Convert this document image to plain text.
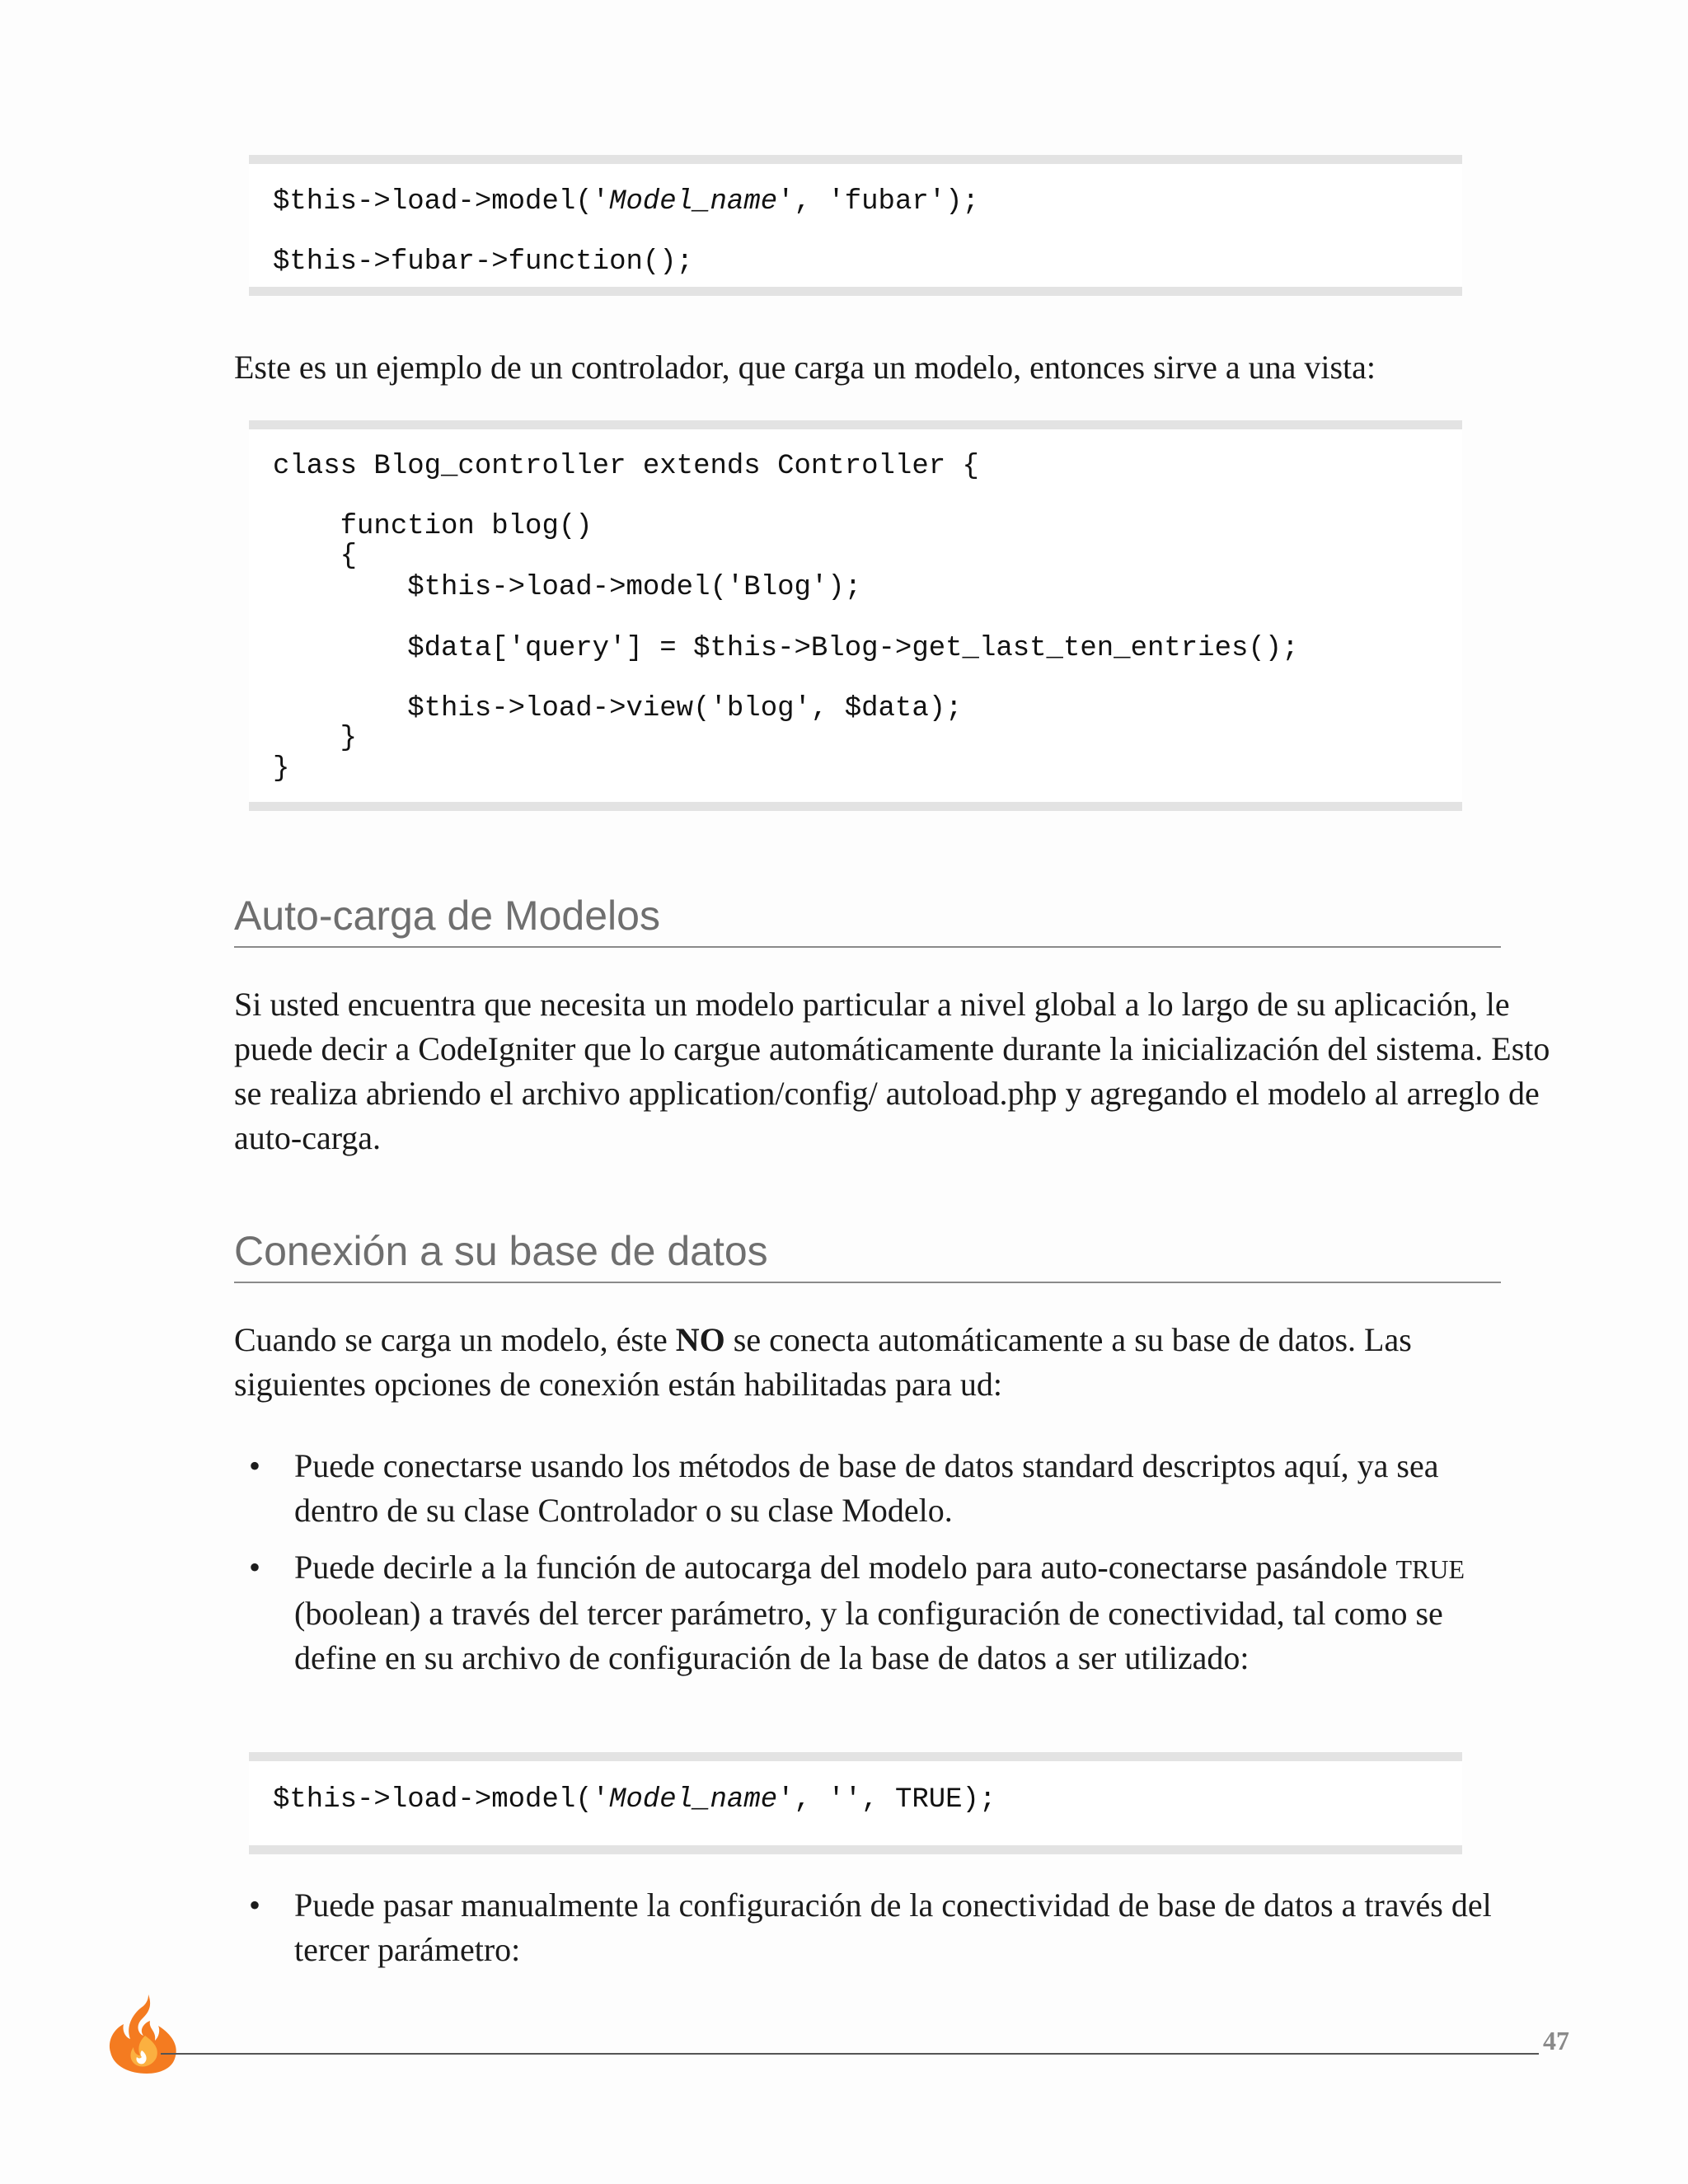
$this->load->model('Model_name', 'fubar');

$this->fubar->function();

Este es un ejemplo de un controlador, que carga un modelo, entonces sirve a una vista:

class Blog_controller extends Controller {

function blog()

{

$this->load->model('Blog');

$data['query'] = $this->Blog->get_last_ten_entries();

$this->load->view('blog', $data);

}

}

Auto-carga de Modelos

Si usted encuentra que necesita un modelo particular a nivel global a lo largo de su aplicación, le puede decir a CodeIgniter que lo cargue automáticamente durante la inicialización del sistema. Esto se realiza abriendo el archivo application/config/ autoload.php y agregando el modelo al arreglo de auto-carga.

Conexión a su base de datos

Cuando se carga un modelo, éste NO se conecta automáticamente a su base de datos. Las siguientes opciones de conexión están habilitadas para ud:

•	Puede conectarse usando los métodos de base de datos standard descriptos aquí, ya sea dentro de su clase Controlador o su clase Modelo.

•	Puede decirle a la función de autocarga del modelo para auto-conectarse pasándole TRUE (boolean) a través del tercer parámetro, y la configuración de conectividad, tal como se define en su archivo de configuración de la base de datos a ser utilizado:

$this->load->model('Model_name', '', TRUE);

•	Puede pasar manualmente la configuración de la conectividad de base de datos a través del tercer parámetro:

47
